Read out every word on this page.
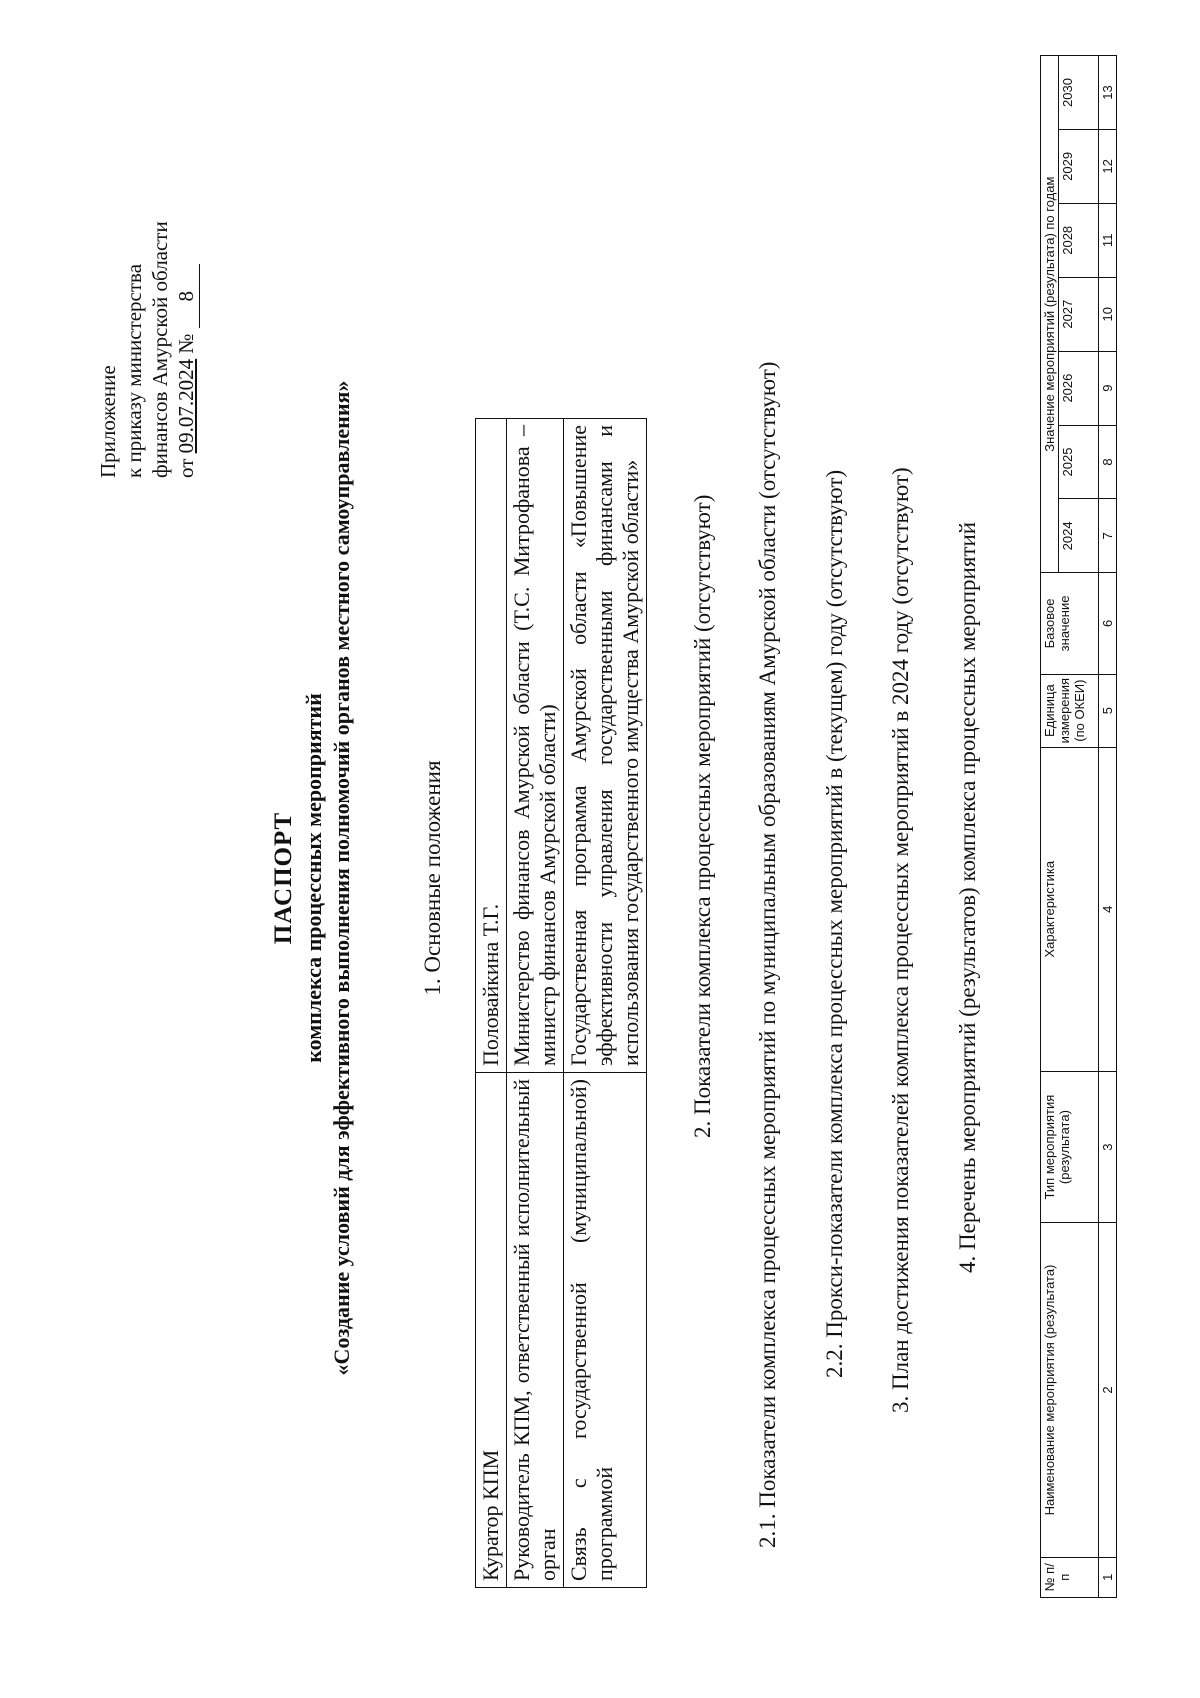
Приложение к приказу министерства финансов Амурской области от 09.07.2024 № 8
ПАСПОРТ комплекса процессных мероприятий «Создание условий для эффективного выполнения полномочий органов местного самоуправления»	1. Основные положения
Куратор КПМ	Половайкина Т.Г.
Руководитель КПМ, ответственный исполнительный орган	Министерство финансов Амурской области (Т.С. Митрофанова – министр финансов Амурской области)
Связь с государственной (муниципальной) программой	Государственная программа Амурской области «Повышение эффективности управления государственными финансами и использования государственного имущества Амурской области» 2. Показатели комплекса процессных мероприятий (отсутствуют) 2.1. Показатели комплекса процессных мероприятий по муниципальным образованиям Амурской области (отсутствуют) 2.2. Прокси-показатели комплекса процессных мероприятий в (текущем) году (отсутствуют) 3. План достижения показателей комплекса процессных мероприятий в 2024 году (отсутствуют) 4. Перечень мероприятий (результатов) комплекса процессных мероприятий
№ п/п	Наименование мероприятия (результата)	Тип мероприятия (результата)	Характеристика	Единица измерения (по ОКЕИ)	Базовое значение	Значение мероприятий (результата) по годам						
						2024	2025	2026	2027	2028	2029	2030
1	2	3	4	5	6	7	8	9	10	11	12	13
